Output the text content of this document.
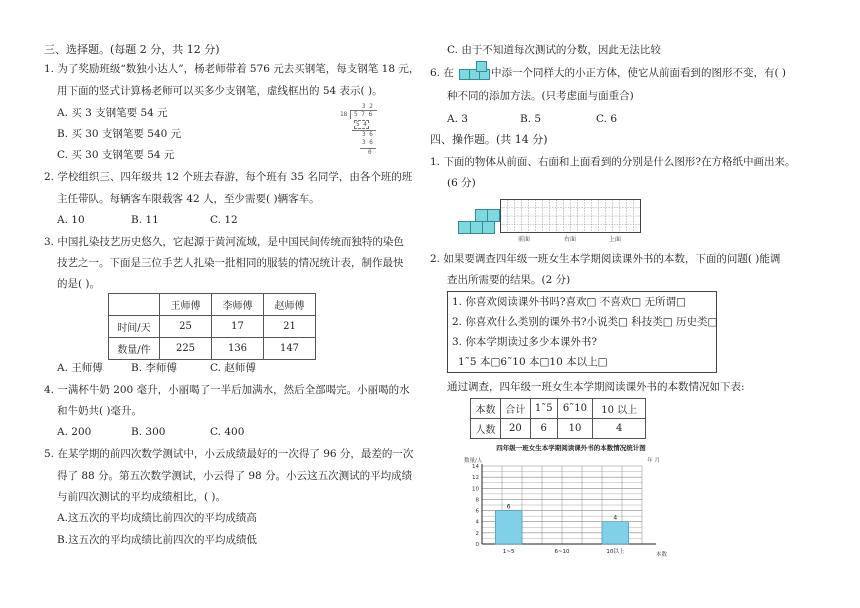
三、选择题。(每题 2 分，共 12 分)
1. 为了奖励班级“数独小达人”，杨老师带着 576 元去买钢笔，每支钢笔 18 元，
用下面的竖式计算杨老师可以买多少支钢笔，虚线框出的 54 表示( )。
A. 买 3 支钢笔要 54 元
B. 买 30 支钢笔要 540 元
C. 买 30 支钢笔要 54 元
3 2
18 5 7 6
5 4
3 6
3 6
0
2. 学校组织三、四年级共 12 个班去春游，每个班有 35 名同学，由各个班的班
主任带队。每辆客车限载客 42 人，至少需要( )辆客车。
A. 10	B. 11	C. 12
3. 中国扎染技艺历史悠久，它起源于黄河流域，是中国民间传统而独特的染色
技艺之一。下面是三位手艺人扎染一批相同的服装的情况统计表，制作最快
的是( )。
	王师傅	李师傅	赵师傅
时间/天	25	17	21
数量/件	225	136	147
A. 王师傅	B. 李师傅	C. 赵师傅
4. 一满杯牛奶 200 毫升，小丽喝了一半后加满水，然后全部喝完。小丽喝的水
和牛奶共( )毫升。
A. 200	B. 300	C. 400
5. 在某学期的前四次数学测试中，小云成绩最好的一次得了 96 分，最差的一次
得了 88 分。第五次数学测试，小云得了 98 分。小云这五次测试的平均成绩
与前四次测试的平均成绩相比，( )。
A.这五次的平均成绩比前四次的平均成绩高
B.这五次的平均成绩比前四次的平均成绩低
C. 由于不知道每次测试的分数，因此无法比较
6. 在	中添一个同样大的小正方体，使它从前面看到的图形不变，有( )
种不同的添加方法。(只考虑面与面重合)
A. 3	B. 5	C. 6
四、操作题。(共 14 分)
1. 下面的物体从前面、右面和上面看到的分别是什么图形?在方格纸中画出来。
(6 分)
前面	右面	上面
2. 如果要调查四年级一班女生本学期阅读课外书的本数，下面的问题( )能调
查出所需要的结果。(2 分)
1. 你喜欢阅读课外书吗?喜欢□ 不喜欢□ 无所谓□
2. 你喜欢什么类别的课外书?小说类□ 科技类□ 历史类□
3. 你本学期读过多少本课外书?
1˜5 本□6˜10 本□10 本以上□
通过调查，四年级一班女生本学期阅读课外书的本数情况如下表:
本数	合计	1˜5	6˜10	10 以上
人数	20	6	10	4
四年级一班女生本学期阅读课外书的本数情况统计图
数量/人	年 月
本数
6
4
0
2
4
6
8
10
12
14
1~5	6~10	10以上
